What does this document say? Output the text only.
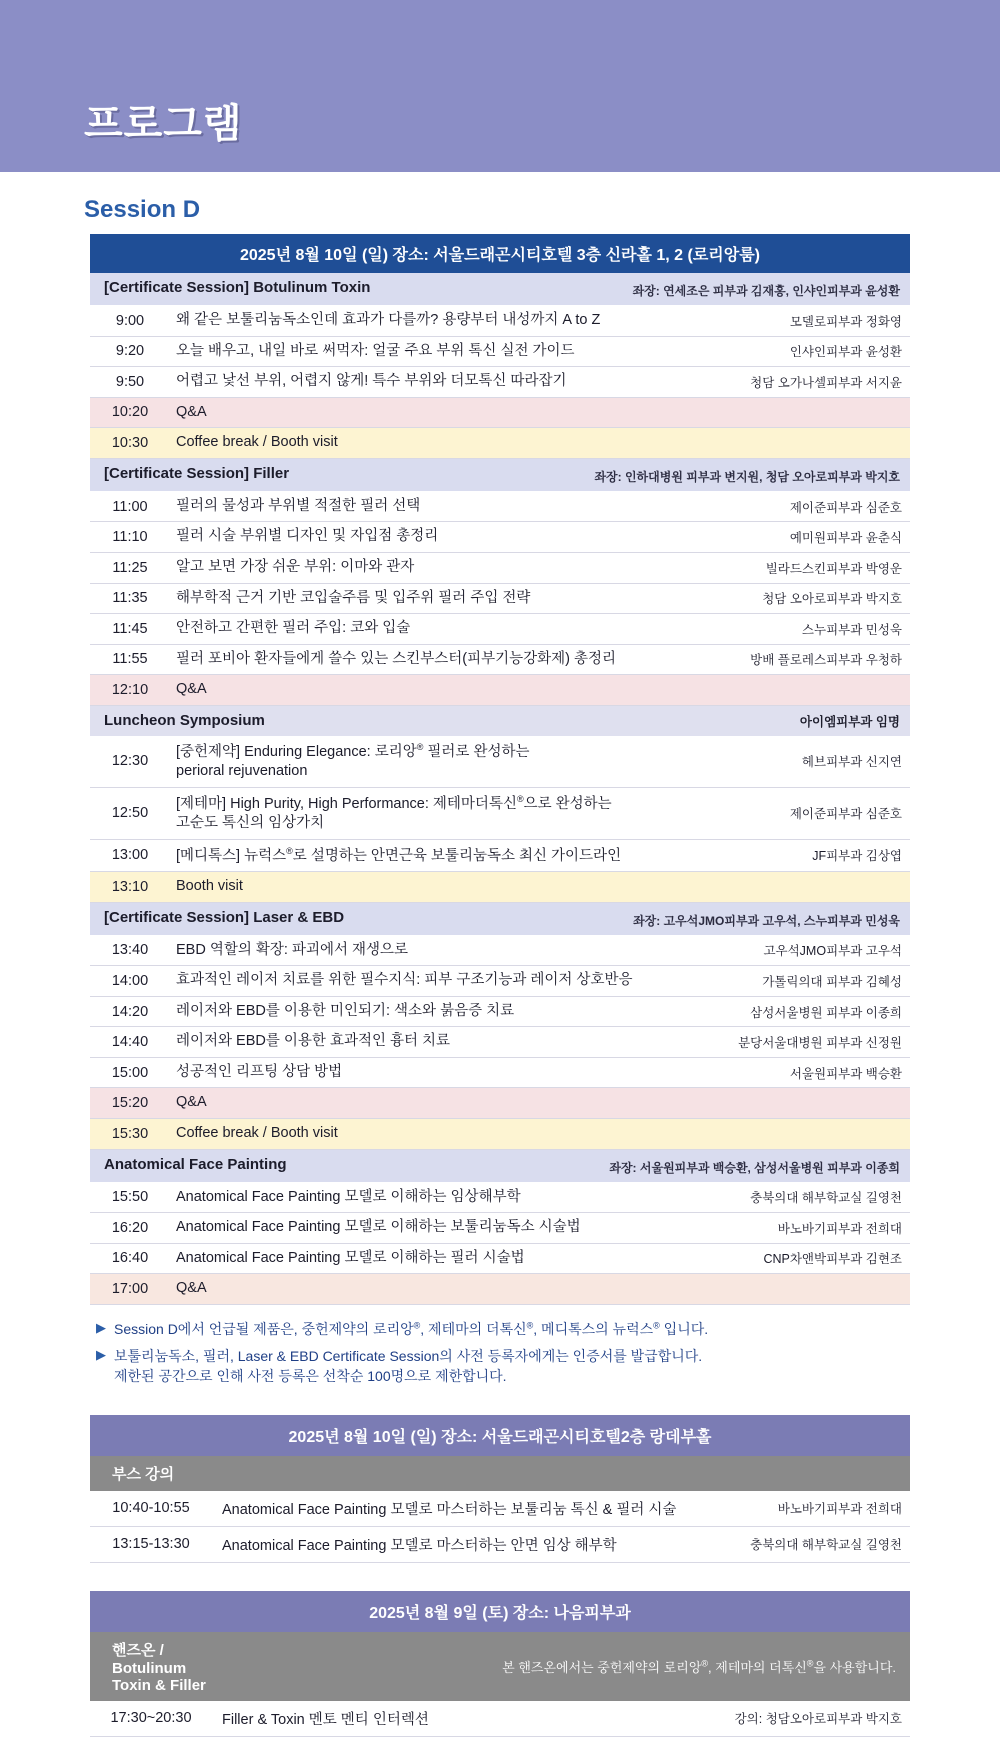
프로그램
Session D
2025년 8월 10일 (일) 장소: 서울드래곤시티호텔 3층 신라홀 1, 2 (로리앙룸)		

좌장: 연세조은 피부과 김재홍, 인샤인피부과 윤성환
[Certificate Session] Botulinum Toxin		
9:00	왜 같은 보툴리눔독소인데 효과가 다를까? 용량부터 내성까지 A to Z	모델로피부과 정화영
9:20	오늘 배우고, 내일 바로 써먹자: 얼굴 주요 부위 톡신 실전 가이드	인샤인피부과 윤성환
9:50	어렵고 낯선 부위, 어렵지 않게! 특수 부위와 더모톡신 따라잡기	청담 오가나셀피부과 서지윤
10:20	Q&A	
10:30	Coffee break / Booth visit	

좌장: 인하대병원 피부과 변지원, 청담 오아로피부과 박지호
[Certificate Session] Filler		
11:00	필러의 물성과 부위별 적절한 필러 선택	제이준피부과 심준호
11:10	필러 시술 부위별 디자인 및 자입점 총정리	예미원피부과 윤춘식
11:25	알고 보면 가장 쉬운 부위: 이마와 관자	빌라드스킨피부과 박영운
11:35	해부학적 근거 기반 코입술주름 및 입주위 필러 주입 전략	청담 오아로피부과 박지호
11:45	안전하고 간편한 필러 주입: 코와 입술	스누피부과 민성욱
11:55	필러 포비아 환자들에게 쓸수 있는 스킨부스터(피부기능강화제) 총정리	방배 플로레스피부과 우청하
12:10	Q&A	
Luncheon Symposium		아이엠피부과 임명
12:30	[중헌제약] Enduring Elegance: 로리앙® 필러로 완성하는
perioral rejuvenation	헤브피부과 신지연
12:50	[제테마] High Purity, High Performance: 제테마더톡신®으로 완성하는
고순도 톡신의 임상가치	제이준피부과 심준호
13:00	[메디톡스] 뉴럭스®로 설명하는 안면근육 보툴리눔독소 최신 가이드라인	JF피부과 김상엽
13:10	Booth visit	

좌장: 고우석JMO피부과 고우석, 스누피부과 민성욱
[Certificate Session] Laser & EBD		
13:40	EBD 역할의 확장: 파괴에서 재생으로	고우석JMO피부과 고우석
14:00	효과적인 레이저 치료를 위한 필수지식: 피부 구조기능과 레이저 상호반응	가톨릭의대 피부과 김혜성
14:20	레이저와 EBD를 이용한 미인되기: 색소와 붉음증 치료	삼성서울병원 피부과 이종희
14:40	레이저와 EBD를 이용한 효과적인 흉터 치료	분당서울대병원 피부과 신정원
15:00	성공적인 리프팅 상담 방법	서울원피부과 백승환
15:20	Q&A	
15:30	Coffee break / Booth visit	

좌장: 서울원피부과 백승환, 삼성서울병원 피부과 이종희
Anatomical Face Painting		
15:50	Anatomical Face Painting 모델로 이해하는 임상해부학	충북의대 해부학교실 길영천
16:20	Anatomical Face Painting 모델로 이해하는 보툴리눔독소 시술법	바노바기피부과 전희대
16:40	Anatomical Face Painting 모델로 이해하는 필러 시술법	CNP차앤박피부과 김현조
17:00	Q&A	
▶ Session D에서 언급될 제품은, 중헌제약의 로리앙®, 제테마의 더톡신®, 메디톡스의 뉴럭스® 입니다.
▶ 보툴리눔독소, 필러, Laser & EBD Certificate Session의 사전 등록자에게는 인증서를 발급합니다.
제한된 공간으로 인해 사전 등록은 선착순 100명으로 제한합니다.
2025년 8월 10일 (일) 장소: 서울드래곤시티호텔2층 랑데부홀		
부스 강의		
10:40-10:55	Anatomical Face Painting 모델로 마스터하는 보툴리눔 톡신 & 필러 시술	바노바기피부과 전희대
13:15-13:30	Anatomical Face Painting 모델로 마스터하는 안면 임상 해부학	충북의대 해부학교실 길영천
2025년 8월 9일 (토) 장소: 나음피부과		
핸즈온 / Botulinum Toxin & Filler	본 핸즈온에서는 중헌제약의 로리앙®, 제테마의 더톡신®을 사용합니다.	
17:30~20:30	Filler & Toxin 멘토 멘티 인터렉션	강의: 청담오아로피부과 박지호
